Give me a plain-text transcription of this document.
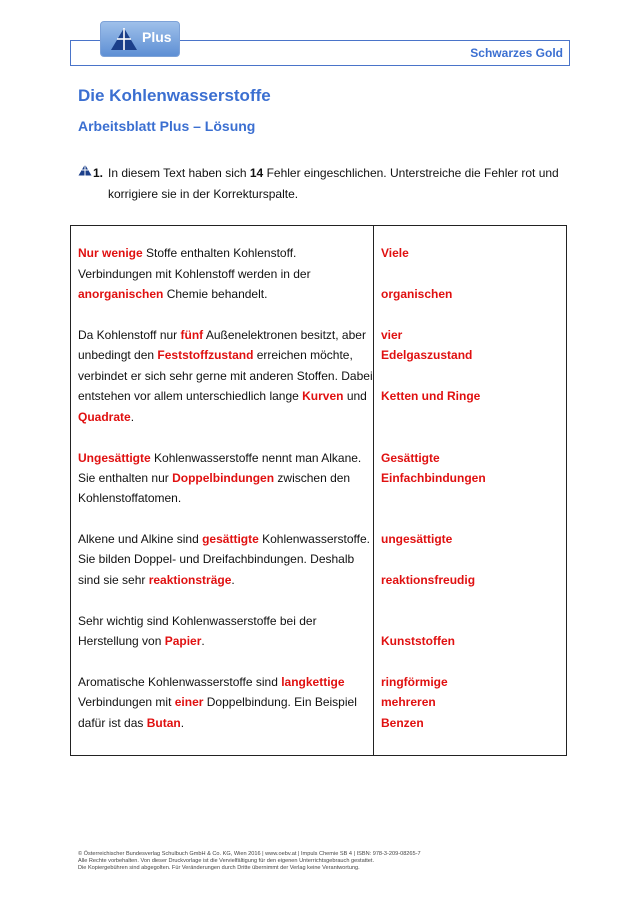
Schwarzes Gold
Plus
Die Kohlenwasserstoffe
Arbeitsblatt Plus – Lösung
1. In diesem Text haben sich 14 Fehler eingeschlichen. Unterstreiche die Fehler rot und
korrigiere sie in der Korrekturspalte.
Nur wenige Stoffe enthalten Kohlenstoff.
Verbindungen mit Kohlenstoff werden in der
anorganischen Chemie behandelt.
Da Kohlenstoff nur fünf Außenelektronen besitzt, aber
unbedingt den Feststoffzustand erreichen möchte,
verbindet er sich sehr gerne mit anderen Stoffen. Dabei
entstehen vor allem unterschiedlich lange Kurven und
Quadrate.
Ungesättigte Kohlenwasserstoffe nennt man Alkane.
Sie enthalten nur Doppelbindungen zwischen den
Kohlenstoffatomen.
Alkene und Alkine sind gesättigte Kohlenwasserstoffe.
Sie bilden Doppel- und Dreifachbindungen. Deshalb
sind sie sehr reaktionsträge.
Sehr wichtig sind Kohlenwasserstoffe bei der
Herstellung von Papier.
Aromatische Kohlenwasserstoffe sind langkettige
Verbindungen mit einer Doppelbindung. Ein Beispiel
dafür ist das Butan.
Viele
organischen
vier
Edelgaszustand
Ketten und Ringe
Gesättigte
Einfachbindungen
ungesättigte
reaktionsfreudig
Kunststoffen
ringförmige
mehreren
Benzen
© Österreichischer Bundesverlag Schulbuch GmbH & Co. KG, Wien 2016 | www.oebv.at | Impuls Chemie SB 4 | ISBN: 978-3-209-08265-7
Alle Rechte vorbehalten. Von dieser Druckvorlage ist die Vervielfältigung für den eigenen Unterrichtsgebrauch gestattet.
Die Kopiergebühren sind abgegolten. Für Veränderungen durch Dritte übernimmt der Verlag keine Verantwortung.
